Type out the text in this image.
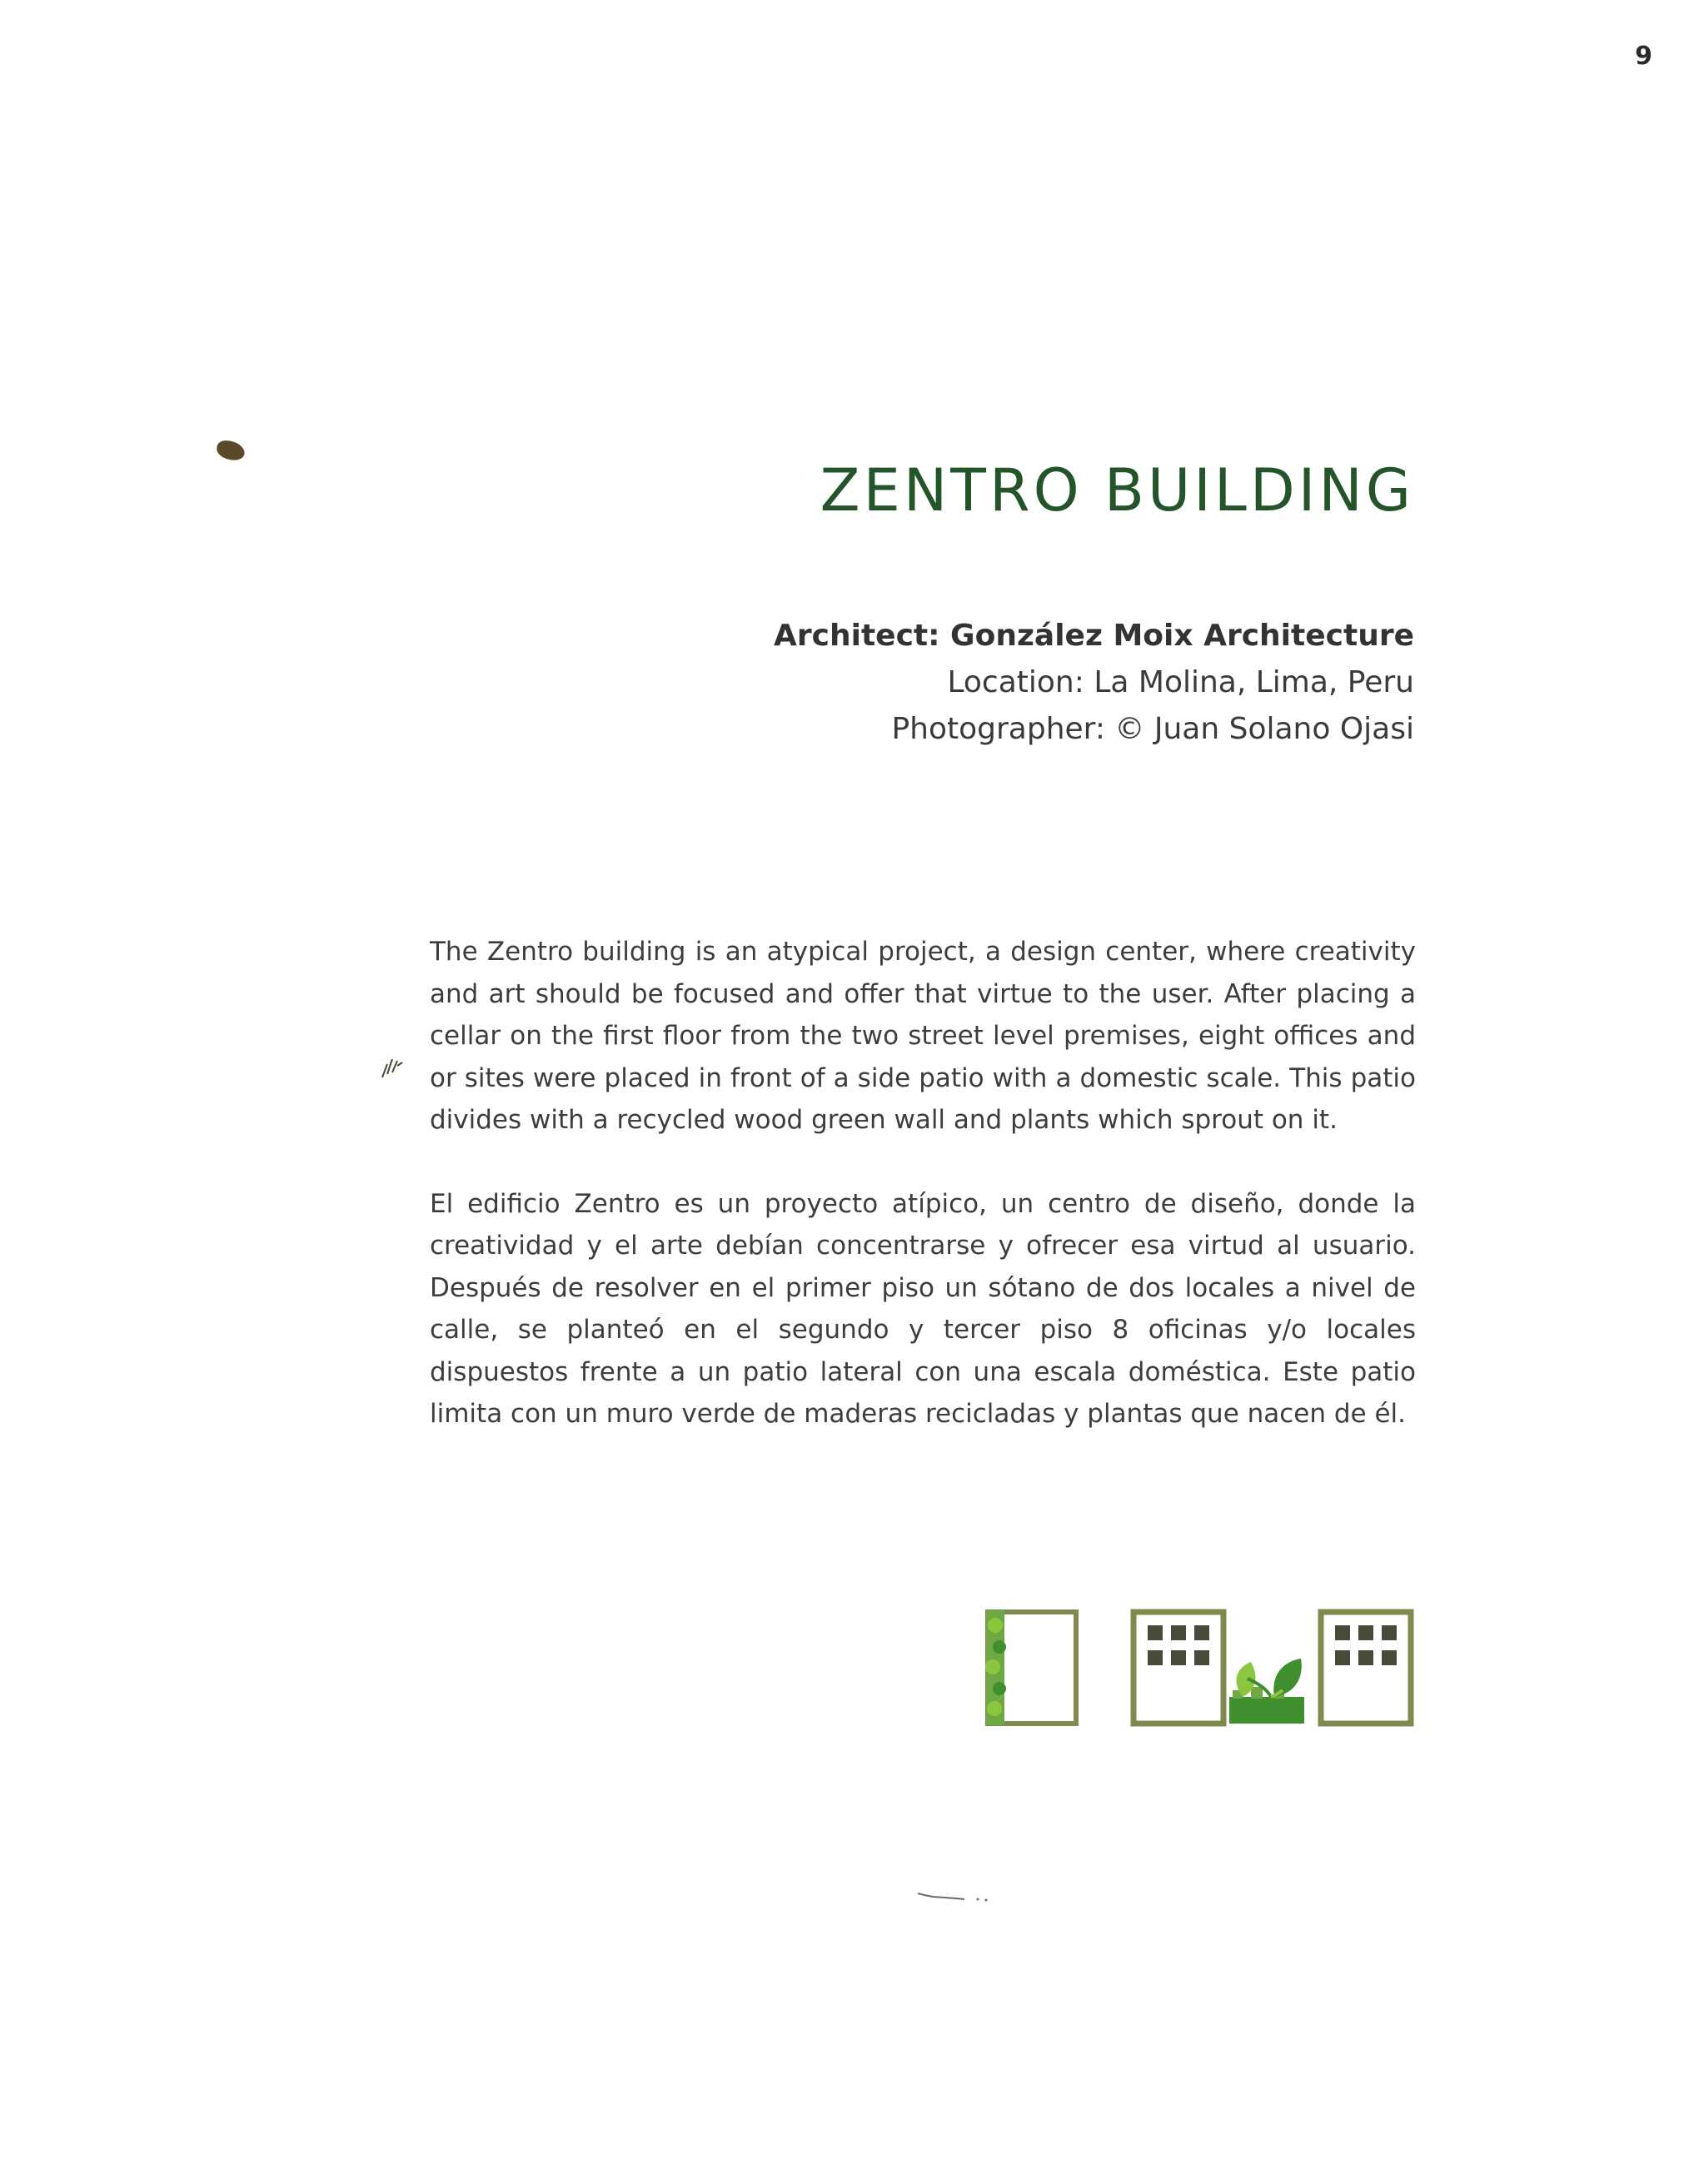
9
ZENTRO BUILDING
Architect: González Moix Architecture
Location: La Molina, Lima, Peru
Photographer: © Juan Solano Ojasi

The Zentro building is an atypical project, a design center, where creativity and art should be focused and offer that virtue to the user. After placing a cellar on the first floor from the two street level premises, eight offices and or sites were placed in front of a side patio with a domestic scale. This patio divides with a recycled wood green wall and plants which sprout on it.

El edificio Zentro es un proyecto atípico, un centro de diseño, donde la creatividad y el arte debían concentrarse y ofrecer esa virtud al usuario. Después de resolver en el primer piso un sótano de dos locales a nivel de calle, se planteó en el segundo y tercer piso 8 oficinas y/o locales dispuestos frente a un patio lateral con una escala doméstica. Este patio limita con un muro verde de maderas recicladas y plantas que nacen de él.
